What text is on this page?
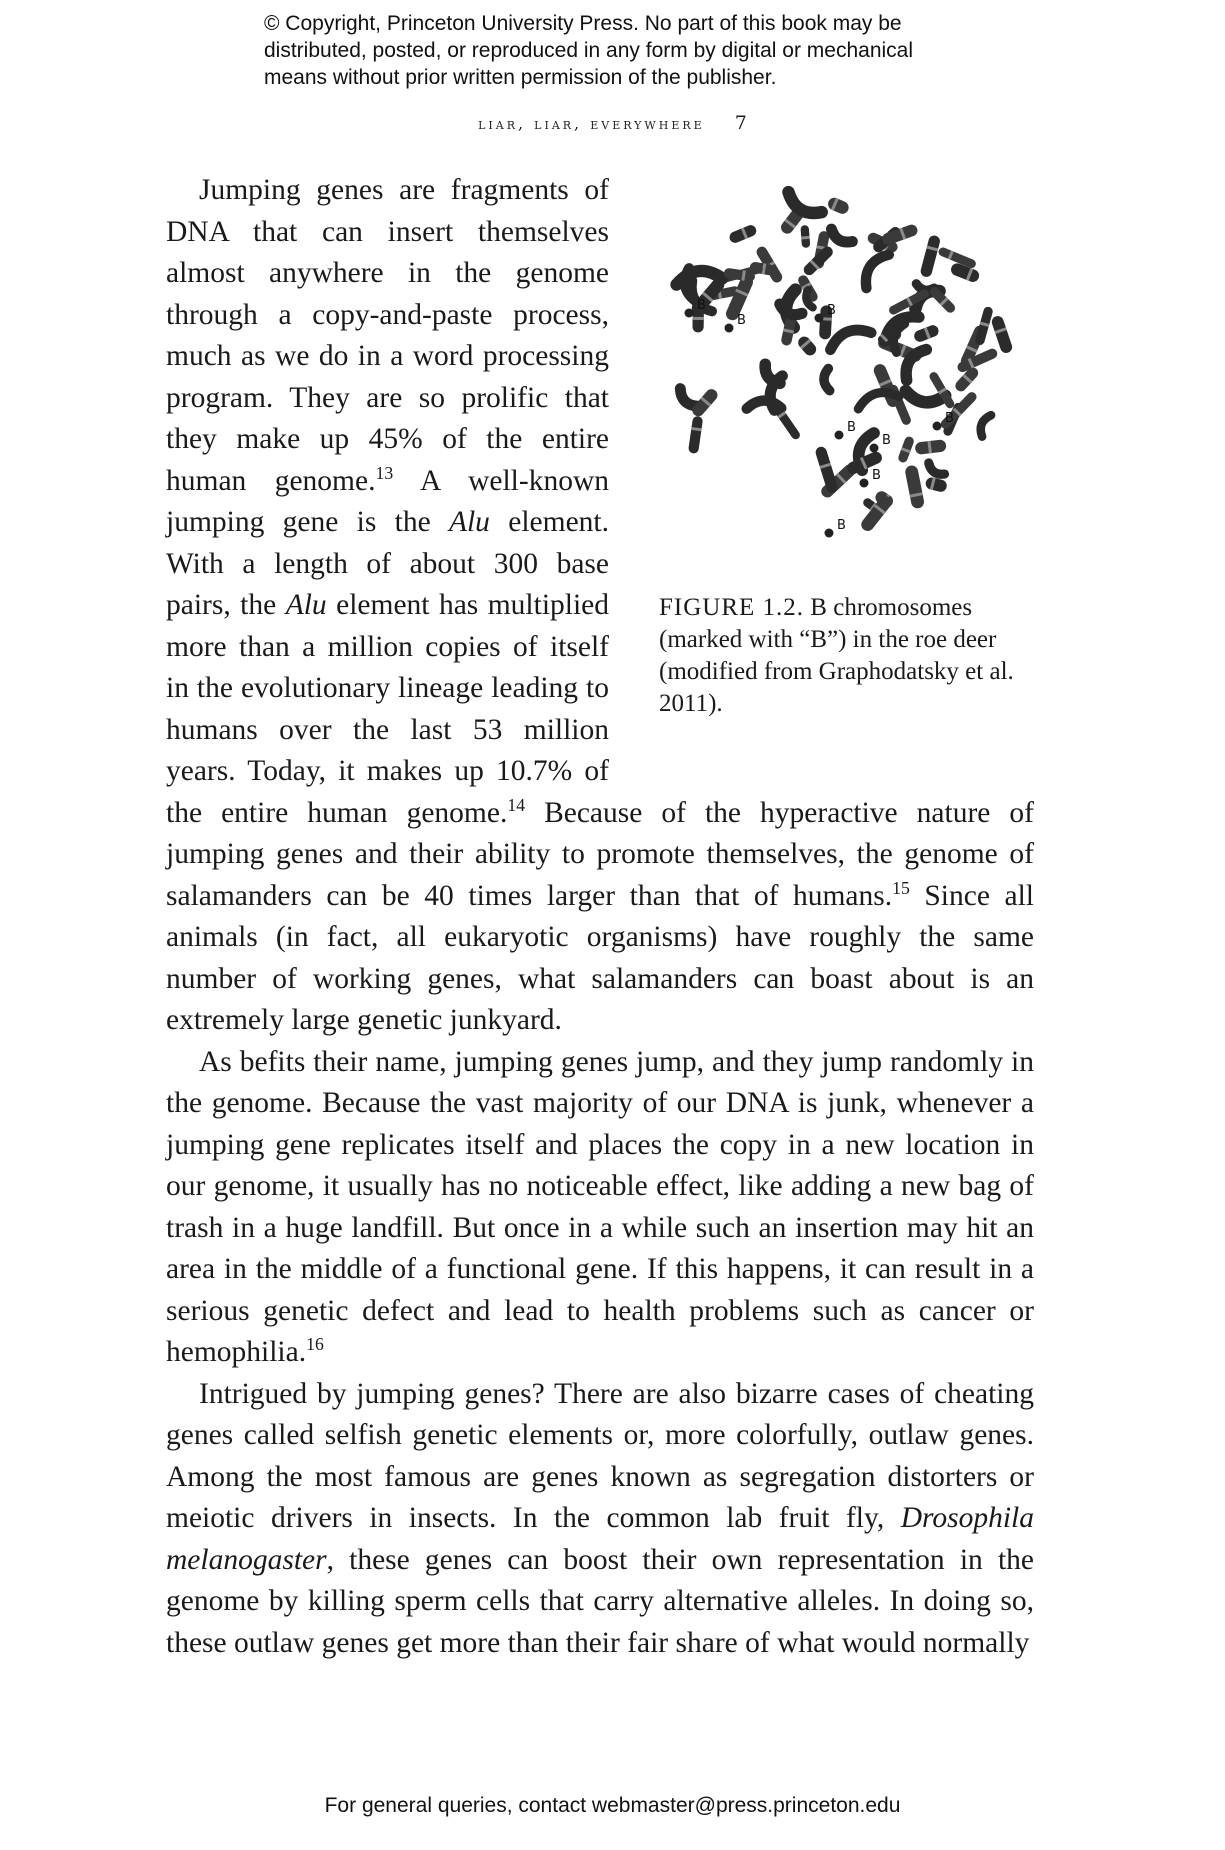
© Copyright, Princeton University Press. No part of this book may be
distributed, posted, or reproduced in any form by digital or mechanical
means without prior written permission of the publisher.
liar, liar, everywhere 7
B
B
B
B
B
B
B
B
FIGURE 1.2. B chromosomes (marked with “B”) in the roe deer (modified from Graphodatsky et al. 2011).

Jumping genes are fragments of DNA that can insert themselves almost anywhere in the genome through a copy-and-paste process, much as we do in a word processing program. They are so prolific that they make up 45% of the entire human genome.$^{13}$ A well-known jumping gene is the Alu element. With a length of about 300 base pairs, the Alu element has multiplied more than a million copies of itself in the evolutionary lineage leading to humans over the last 53 million years. Today, it makes up 10.7% of the entire human genome.$^{14}$ Because of the hyperactive nature of jumping genes and their ability to promote themselves, the genome of salamanders can be 40 times larger than that of humans.$^{15}$ Since all animals (in fact, all eukaryotic organisms) have roughly the same number of working genes, what salamanders can boast about is an extremely large genetic junkyard.

As befits their name, jumping genes jump, and they jump randomly in the genome. Because the vast majority of our DNA is junk, whenever a jumping gene replicates itself and places the copy in a new location in our genome, it usually has no noticeable effect, like adding a new bag of trash in a huge landfill. But once in a while such an insertion may hit an area in the middle of a functional gene. If this happens, it can result in a serious genetic defect and lead to health problems such as cancer or hemophilia.$^{16}$

Intrigued by jumping genes? There are also bizarre cases of cheating genes called selfish genetic elements or, more colorfully, outlaw genes. Among the most famous are genes known as segregation distorters or meiotic drivers in insects. In the common lab fruit fly, Drosophila melanogaster, these genes can boost their own representation in the genome by killing sperm cells that carry alternative alleles. In doing so, these outlaw genes get more than their fair share of what would normally

For general queries, contact webmaster@press.princeton.edu
